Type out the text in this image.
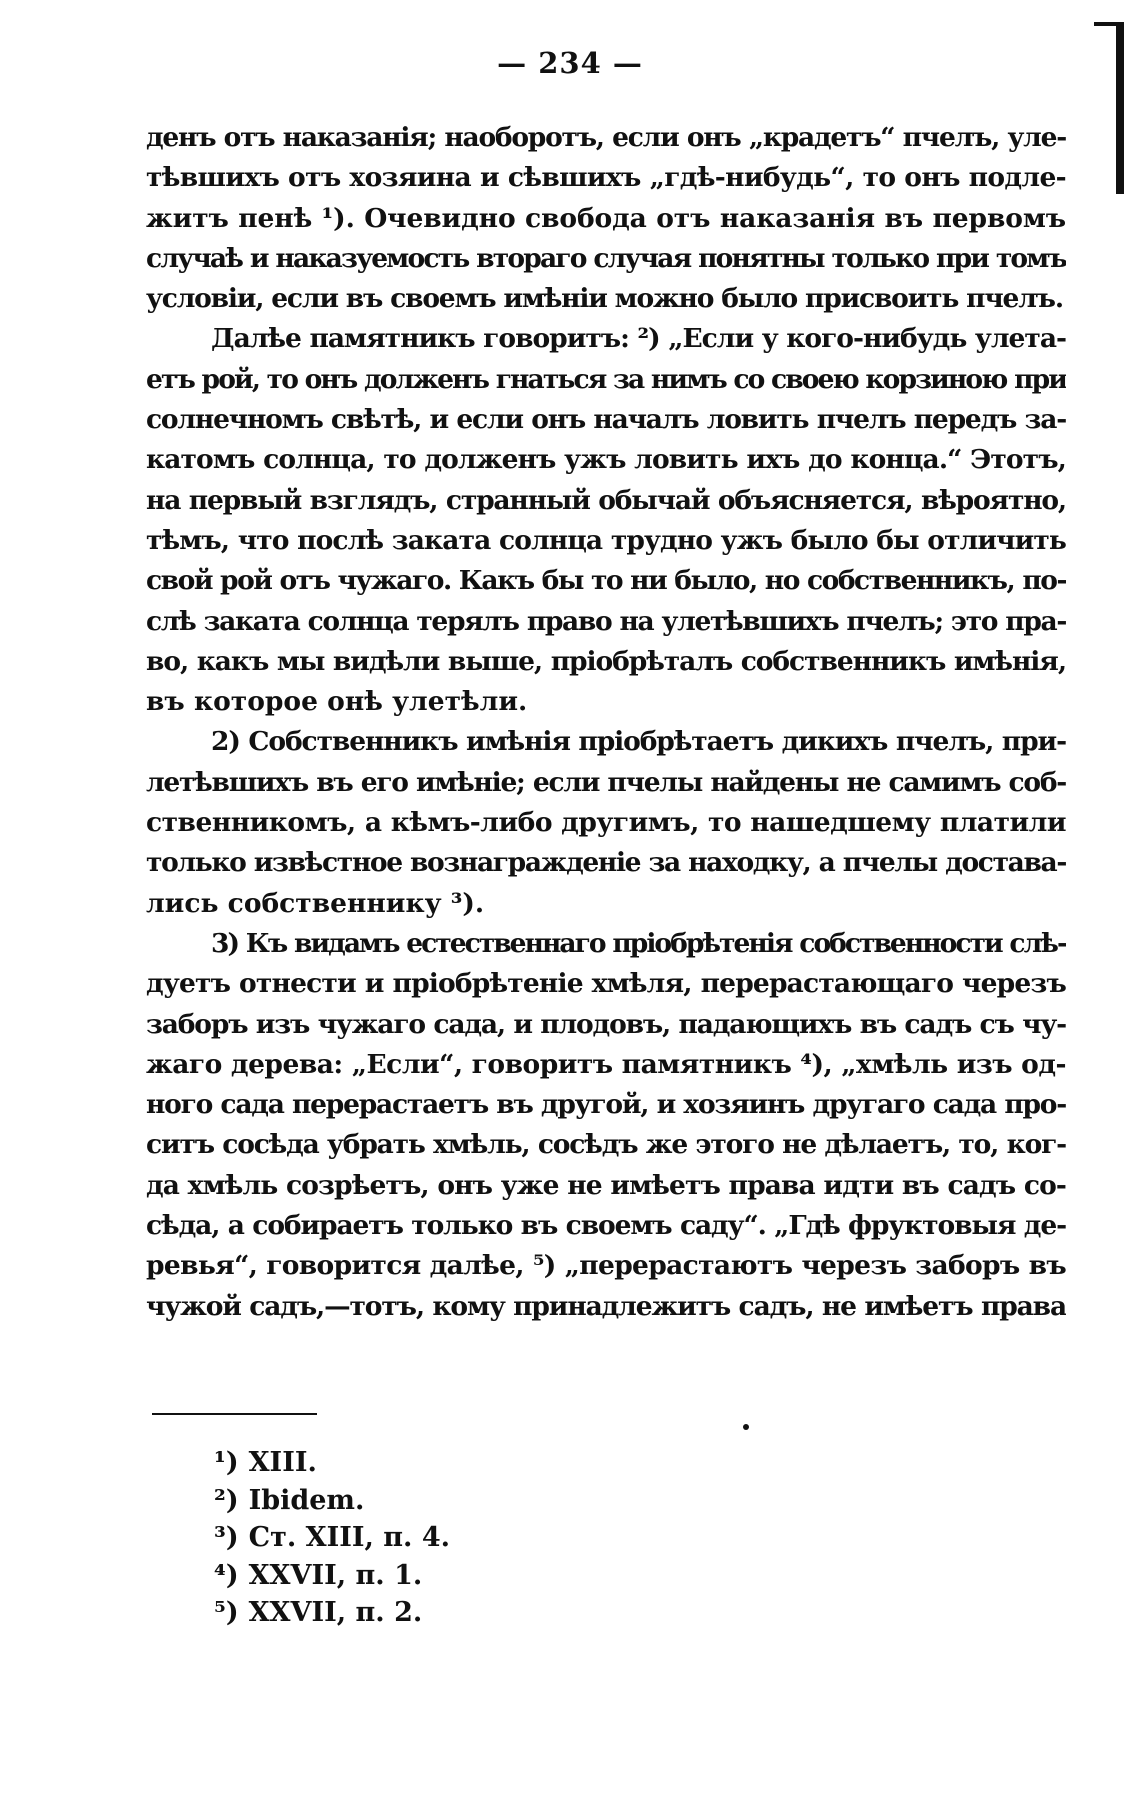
— 234 —
денъ отъ наказанія; наоборотъ, если онъ „крадетъ“ пчелъ, уле-
тѣвшихъ отъ хозяина и сѣвшихъ „гдѣ-нибудь“, то онъ подле-
житъ пенѣ ¹). Очевидно свобода отъ наказанія въ первомъ
случаѣ и наказуемость втораго случая понятны только при томъ
условіи, если въ своемъ имѣніи можно было присвоить пчелъ.
Далѣе памятникъ говоритъ: ²) „Если у кого-нибудь улета-
етъ рой, то онъ долженъ гнаться за нимъ со своею корзиною при
солнечномъ свѣтѣ, и если онъ началъ ловить пчелъ передъ за-
катомъ солнца, то долженъ ужъ ловить ихъ до конца.“ Этотъ,
на первый взглядъ, странный обычай объясняется, вѣроятно,
тѣмъ, что послѣ заката солнца трудно ужъ было бы отличить
свой рой отъ чужаго. Какъ бы то ни было, но собственникъ, по-
слѣ заката солнца терялъ право на улетѣвшихъ пчелъ; это пра-
во, какъ мы видѣли выше, пріобрѣталъ собственникъ имѣнія,
въ которое онѣ улетѣли.
2) Собственникъ имѣнія пріобрѣтаетъ дикихъ пчелъ, при-
летѣвшихъ въ его имѣніе; если пчелы найдены не самимъ соб-
ственникомъ, а кѣмъ-либо другимъ, то нашедшему платили
только извѣстное вознагражденіе за находку, а пчелы достава-
лись собственнику ³).
3) Къ видамъ естественнаго пріобрѣтенія собственности слѣ-
дуетъ отнести и пріобрѣтеніе хмѣля, перерастающаго черезъ
заборъ изъ чужаго сада, и плодовъ, падающихъ въ садъ съ чу-
жаго дерева: „Если“, говоритъ памятникъ ⁴), „хмѣль изъ од-
ного сада перерастаетъ въ другой, и хозяинъ другаго сада про-
ситъ сосѣда убрать хмѣль, сосѣдъ же этого не дѣлаетъ, то, ког-
да хмѣль созрѣетъ, онъ уже не имѣетъ права идти въ садъ со-
сѣда, а собираетъ только въ своемъ саду“. „Гдѣ фруктовыя де-
ревья“, говорится далѣе, ⁵) „перерастаютъ черезъ заборъ въ
чужой садъ,—тотъ, кому принадлежитъ садъ, не имѣетъ права
¹) XIII.
²) Ibidem.
³) Ст. XIII, п. 4.
⁴) XXVII, п. 1.
⁵) XXVII, п. 2.
